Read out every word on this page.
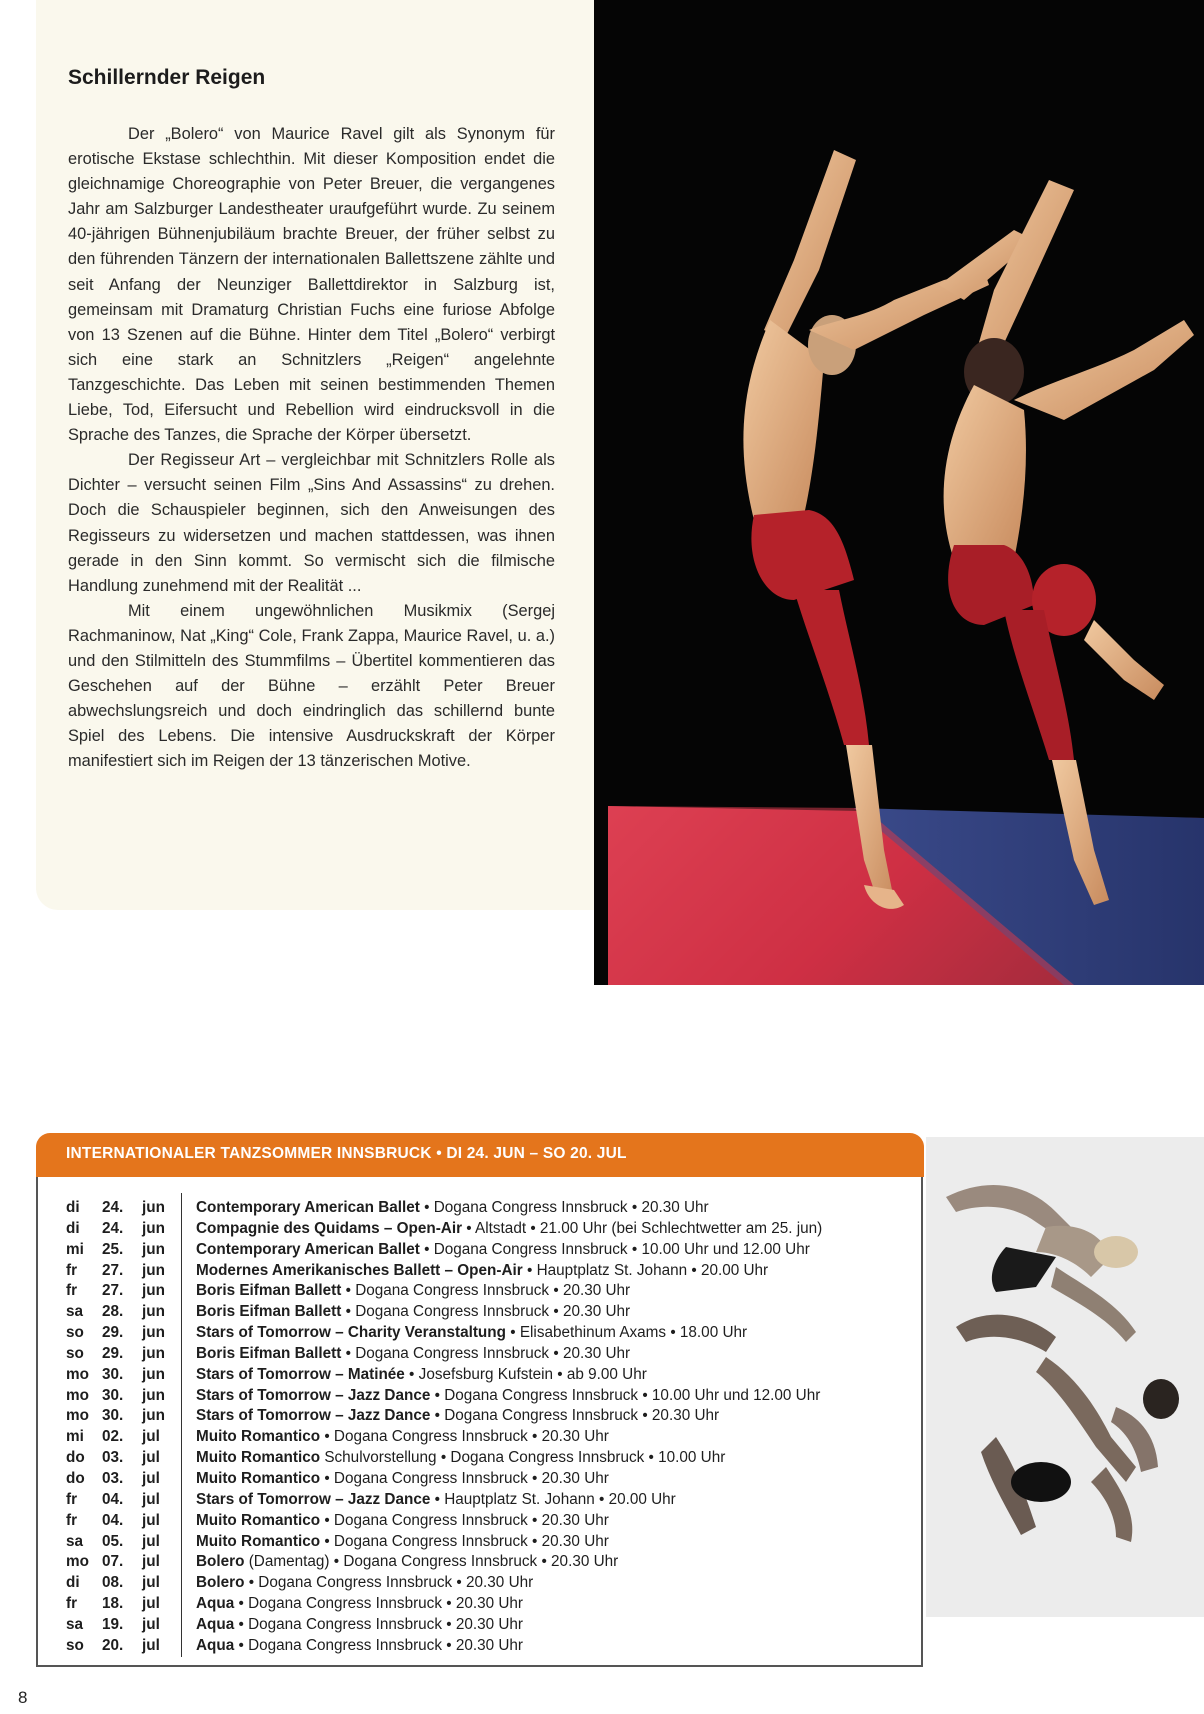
Schillernder Reigen

Der „Bolero“ von Maurice Ravel gilt als Synonym für erotische Ekstase schlechthin. Mit dieser Komposition endet die gleichnamige Choreographie von Peter Breuer, die vergangenes Jahr am Salzburger Landestheater uraufgeführt wurde. Zu seinem 40-jährigen Bühnenjubiläum brachte Breuer, der früher selbst zu den führenden Tänzern der internationalen Ballettszene zählte und seit Anfang der Neunziger Ballettdirektor in Salzburg ist, gemeinsam mit Dramaturg Christian Fuchs eine furiose Abfolge von 13 Szenen auf die Bühne. Hinter dem Titel „Bolero“ verbirgt sich eine stark an Schnitzlers „Reigen“ angelehnte Tanzgeschichte. Das Leben mit seinen bestimmenden Themen Liebe, Tod, Eifersucht und Rebellion wird eindrucksvoll in die Sprache des Tanzes, die Sprache der Körper übersetzt.

Der Regisseur Art – vergleichbar mit Schnitzlers Rolle als Dichter – versucht seinen Film „Sins And Assassins“ zu drehen. Doch die Schauspieler beginnen, sich den Anweisungen des Regisseurs zu widersetzen und machen stattdessen, was ihnen gerade in den Sinn kommt. So vermischt sich die filmische Handlung zunehmend mit der Realität ...

Mit einem ungewöhnlichen Musikmix (Sergej Rachmaninow, Nat „King“ Cole, Frank Zappa, Maurice Ravel, u. a.) und den Stilmitteln des Stummfilms – Übertitel kommentieren das Geschehen auf der Bühne – erzählt Peter Breuer abwechslungsreich und doch eindringlich das schillernd bunte Spiel des Lebens. Die intensive Ausdruckskraft der Körper manifestiert sich im Reigen der 13 tänzerischen Motive.

INTERNATIONALER TANZSOMMER INNSBRUCK • DI 24. JUN – SO 20. JUL
di 24. jun Contemporary American Ballet • Dogana Congress Innsbruck • 20.30 Uhr
di 24. jun Compagnie des Quidams – Open-Air • Altstadt • 21.00 Uhr (bei Schlechtwetter am 25. jun)
mi 25. jun Contemporary American Ballet • Dogana Congress Innsbruck • 10.00 Uhr und 12.00 Uhr
fr 27. jun Modernes Amerikanisches Ballett – Open-Air • Hauptplatz St. Johann • 20.00 Uhr
fr 27. jun Boris Eifman Ballett • Dogana Congress Innsbruck • 20.30 Uhr
sa 28. jun Boris Eifman Ballett • Dogana Congress Innsbruck • 20.30 Uhr
so 29. jun Stars of Tomorrow – Charity Veranstaltung • Elisabethinum Axams • 18.00 Uhr
so 29. jun Boris Eifman Ballett • Dogana Congress Innsbruck • 20.30 Uhr
mo 30. jun Stars of Tomorrow – Matinée • Josefsburg Kufstein • ab 9.00 Uhr
mo 30. jun Stars of Tomorrow – Jazz Dance • Dogana Congress Innsbruck • 10.00 Uhr und 12.00 Uhr
mo 30. jun Stars of Tomorrow – Jazz Dance • Dogana Congress Innsbruck • 20.30 Uhr
mi 02. jul Muito Romantico • Dogana Congress Innsbruck • 20.30 Uhr
do 03. jul Muito Romantico Schulvorstellung • Dogana Congress Innsbruck • 10.00 Uhr
do 03. jul Muito Romantico • Dogana Congress Innsbruck • 20.30 Uhr
fr 04. jul Stars of Tomorrow – Jazz Dance • Hauptplatz St. Johann • 20.00 Uhr
fr 04. jul Muito Romantico • Dogana Congress Innsbruck • 20.30 Uhr
sa 05. jul Muito Romantico • Dogana Congress Innsbruck • 20.30 Uhr
mo 07. jul Bolero (Damentag) • Dogana Congress Innsbruck • 20.30 Uhr
di 08. jul Bolero • Dogana Congress Innsbruck • 20.30 Uhr
fr 18. jul Aqua • Dogana Congress Innsbruck • 20.30 Uhr
sa 19. jul Aqua • Dogana Congress Innsbruck • 20.30 Uhr
so 20. jul Aqua • Dogana Congress Innsbruck • 20.30 Uhr
8
